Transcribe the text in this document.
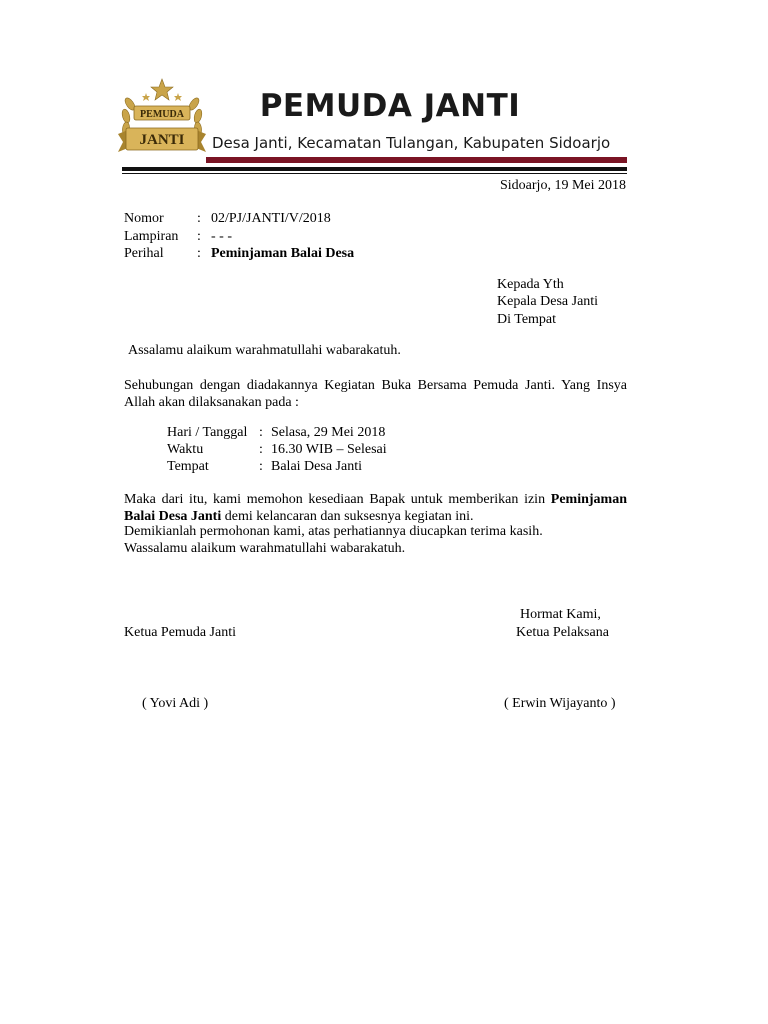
PEMUDA
JANTI
PEMUDA JANTI
Desa Janti, Kecamatan Tulangan, Kabupaten Sidoarjo
Sidoarjo, 19 Mei 2018
Nomor : 02/PJ/JANTI/V/2018
Lampiran : - - -
Perihal : Peminjaman Balai Desa
Kepada Yth
Kepala Desa Janti
Di Tempat
Assalamu alaikum warahmatullahi wabarakatuh.
Sehubungan dengan diadakannya Kegiatan Buka Bersama Pemuda Janti. Yang Insya Allah akan dilaksanakan pada :
Hari / Tanggal : Selasa, 29 Mei 2018
Waktu	: 16.30 WIB – Selesai
Tempat	: Balai Desa Janti
Maka dari itu, kami memohon kesediaan Bapak untuk memberikan izin Peminjaman Balai Desa Janti demi kelancaran dan suksesnya kegiatan ini.
Demikianlah permohonan kami, atas perhatiannya diucapkan terima kasih.
Wassalamu alaikum warahmatullahi wabarakatuh.
Hormat Kami,
Ketua Pemuda Janti	Ketua Pelaksana
( Yovi Adi )	( Erwin Wijayanto )
